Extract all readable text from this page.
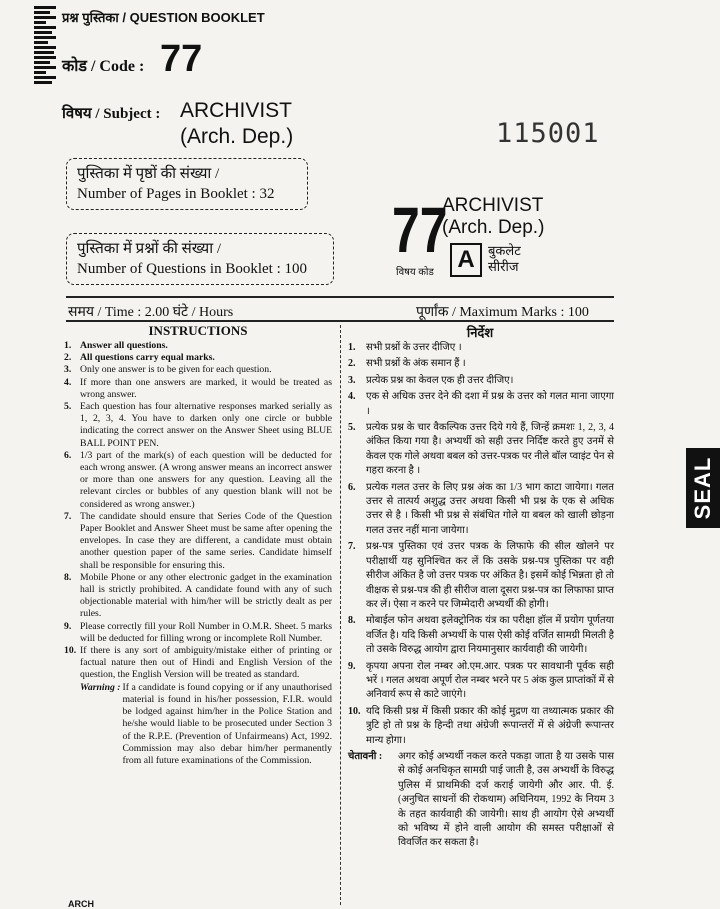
प्रश्न पुस्तिका / QUESTION BOOKLET
कोड / Code : 77
विषय / Subject : ARCHIVIST
(Arch. Dep.)	115001
पुस्तिका में पृष्ठों की संख्या /
Number of Pages in Booklet : 32
पुस्तिका में प्रश्नों की संख्या /
Number of Questions in Booklet : 100
77
विषय कोड
ARCHIVIST
(Arch. Dep.)
A	बुकलेट
सीरीज
समय / Time : 2.00 घंटे / Hours	पूर्णांक / Maximum Marks : 100
INSTRUCTIONS	निर्देश
1. Answer all questions.
2. All questions carry equal marks.
3. Only one answer is to be given for each question.
4. If more than one answers are marked, it would be treated as wrong answer.
5. Each question has four alternative responses marked serially as 1, 2, 3, 4. You have to darken only one circle or bubble indicating the correct answer on the Answer Sheet using BLUE BALL POINT PEN.
6. 1/3 part of the mark(s) of each question will be deducted for each wrong answer. (A wrong answer means an incorrect answer or more than one answers for any question. Leaving all the relevant circles or bubbles of any question blank will not be considered as wrong answer.)
7. The candidate should ensure that Series Code of the Question Paper Booklet and Answer Sheet must be same after opening the envelopes. In case they are different, a candidate must obtain another question paper of the same series. Candidate himself shall be responsible for ensuring this.
8. Mobile Phone or any other electronic gadget in the examination hall is strictly prohibited. A candidate found with any of such objectionable material with him/her will be strictly dealt as per rules.
9. Please correctly fill your Roll Number in O.M.R. Sheet. 5 marks will be deducted for filling wrong or incomplete Roll Number.
10. If there is any sort of ambiguity/mistake either of printing or factual nature then out of Hindi and English Version of the question, the English Version will be treated as standard.
Warning : If a candidate is found copying or if any unauthorised material is found in his/her possession, F.I.R. would be lodged against him/her in the Police Station and he/she would liable to be prosecuted under Section 3 of the R.P.E. (Prevention of Unfairmeans) Act, 1992. Commission may also debar him/her permanently from all future examinations of the Commission.
1.	सभी प्रश्नों के उत्तर दीजिए ।
2.	सभी प्रश्नों के अंक समान हैं ।
3.	प्रत्येक प्रश्न का केवल एक ही उत्तर दीजिए।
4.	एक से अधिक उत्तर देने की दशा में प्रश्न के उत्तर को गलत माना जाएगा ।
5.	प्रत्येक प्रश्न के चार वैकल्पिक उत्तर दिये गये हैं, जिन्हें क्रमशः 1, 2, 3, 4 अंकित किया गया है। अभ्यर्थी को सही उत्तर निर्दिष्ट करते हुए उनमें से केवल एक गोले अथवा बबल को उत्तर-पत्रक पर नीले बॉल प्वाइंट पेन से गहरा करना है ।
6.	प्रत्येक गलत उत्तर के लिए प्रश्न अंक का 1/3 भाग काटा जायेगा। गलत उत्तर से तात्पर्य अशुद्ध उत्तर अथवा किसी भी प्रश्न के एक से अधिक उत्तर से है । किसी भी प्रश्न से संबंधित गोले या बबल को खाली छोड़ना गलत उत्तर नहीं माना जायेगा।
7.	प्रश्न-पत्र पुस्तिका एवं उत्तर पत्रक के लिफाफे की सील खोलने पर परीक्षार्थी यह सुनिश्चित कर लें कि उसके प्रश्न-पत्र पुस्तिका पर वही सीरीज अंकित है जो उत्तर पत्रक पर अंकित है। इसमें कोई भिन्नता हो तो वीक्षक से प्रश्न-पत्र की ही सीरीज वाला दूसरा प्रश्न-पत्र का लिफाफा प्राप्त कर लें। ऐसा न करने पर जिम्मेदारी अभ्यर्थी की होगी।
8.	मोबाईल फोन अथवा इलेक्ट्रोनिक यंत्र का परीक्षा हॉल में प्रयोग पूर्णतया वर्जित है। यदि किसी अभ्यर्थी के पास ऐसी कोई वर्जित सामग्री मिलती है तो उसके विरुद्ध आयोग द्वारा नियमानुसार कार्यवाही की जायेगी।
9.	कृपया अपना रोल नम्बर ओ.एम.आर. पत्रक पर सावधानी पूर्वक सही भरें । गलत अथवा अपूर्ण रोल नम्बर भरने पर 5 अंक कुल प्राप्तांकों में से अनिवार्य रूप से काटे जाएंगे।
10. यदि किसी प्रश्न में किसी प्रकार की कोई मुद्रण या तथ्यात्मक प्रकार की त्रुटि हो तो प्रश्न के हिन्दी तथा अंग्रेजी रूपान्तरों में से अंग्रेजी रूपान्तर मान्य होगा।
चेतावनी :	अगर कोई अभ्यर्थी नकल करते पकड़ा जाता है या उसके पास से कोई अनधिकृत सामग्री पाई जाती है, उस अभ्यर्थी के विरुद्ध पुलिस में प्राथमिकी दर्ज कराई जायेगी और आर. पी. ई. (अनुचित साधनों की रोकथाम) अधिनियम, 1992 के नियम 3 के तहत कार्यवाही की जायेगी। साथ ही आयोग ऐसे अभ्यर्थी को भविष्य में होने वाली आयोग की समस्त परीक्षाओं से विवर्जित कर सकता है।
SEAL
ARCH
